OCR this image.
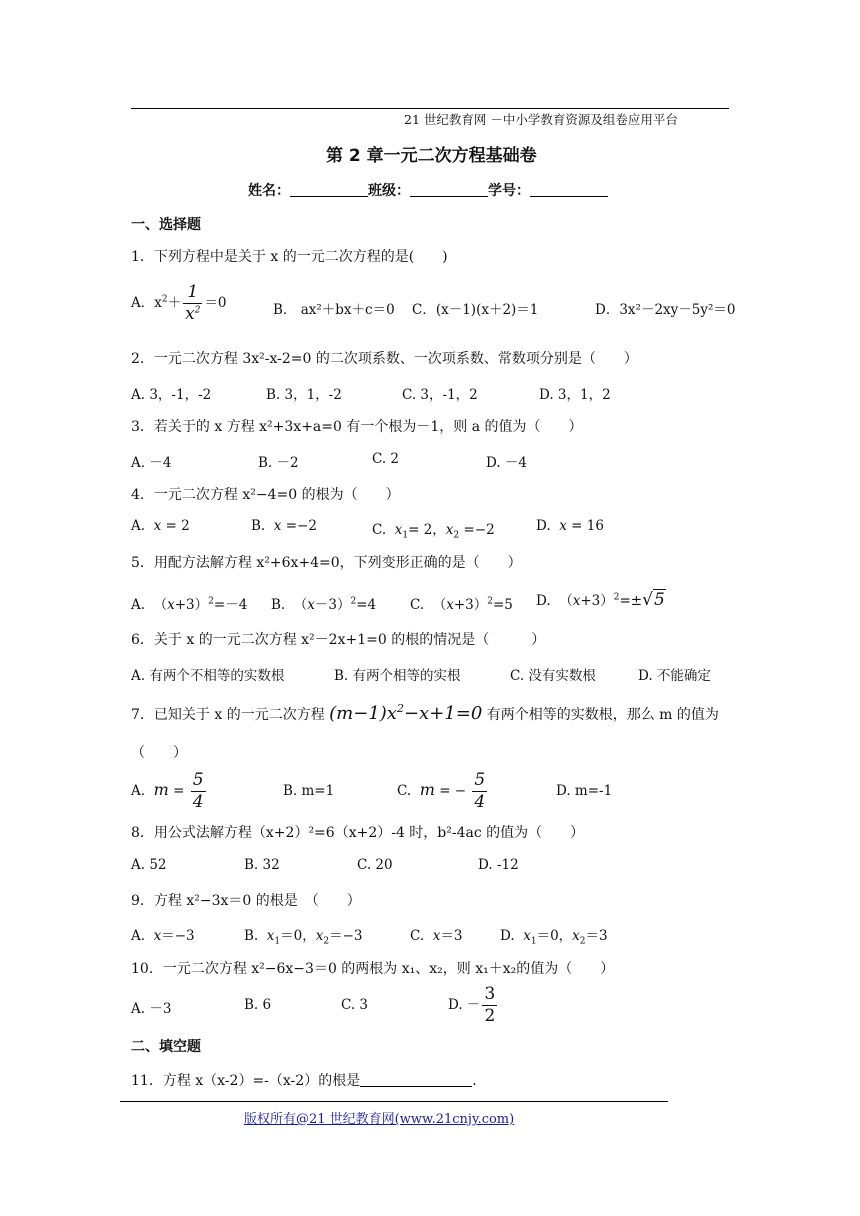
21 世纪教育网 －中小学教育资源及组卷应用平台
第 2 章一元二次方程基础卷
姓名：	班级：	学号：
一、选择题
1．下列方程中是关于 x 的一元二次方程的是(　　)
A．$x^2+ \frac{1}{x^2} =0$	B． ax²＋bx＋c＝0 C．(x－1)(x＋2)＝1	D．3x²－2xy－5y²＝0
2．一元二次方程 3x²-x-2=0 的二次项系数、一次项系数、常数项分别是（　　）
A. 3，-1，-2	B. 3，1，-2	C. 3，-1，2	D. 3，1，2
3．若关于的 x 方程 x²+3x+a=0 有一个根为－1，则 a 的值为（　　）
A. －4	B. －2	C. 2	D. －4
4．一元二次方程 x²−4=0 的根为（　　）
A.  x = 2	B.  x =−2	C.  $x_1= 2$，$x_2 =-2$	D.  x = 16
5．用配方法解方程 x²+6x+4=0，下列变形正确的是（　　）
A.  $(x+3)^2=-4$ B.  $(x-3)^2=4$	C.  $(x+3)^2=5$ D.  $(x+3)^2=\pm√5$
6．关于 x 的一元二次方程 x²－2x+1=0 的根的情况是（　　　）
A. 有两个不相等的实数根	B. 有两个相等的实根	C. 没有实数根	D. 不能确定
7．已知关于 x 的一元二次方程 $(m-1)x^2-x+1=0$ 有两个相等的实数根，那么 m 的值为
（　　）
A.  $m = \frac{5}{4}$	B. m=1	C.  m = − $\frac{5}{4}$	D. m=-1
8．用公式法解方程（x+2）²=6（x+2）-4 时，b²-4ac 的值为（　　）
A. 52	B. 32	C. 20	D. -12
9．方程 x²−3x＝0 的根是　（　　）
A.  x＝−3	B.  $x_1=0$，$x_2=-3$	C.  x＝3	D.  $x_1=0$，$x_2=3$
10．一元二次方程 x²−6x−3＝0 的两根为 x₁、x₂，则 x₁＋x₂的值为（　　）
A. －3	B. 6	C. 3	D. － $\frac{3}{2}$
二、填空题
11．方程 x（x-2）=-（x-2）的根是	.
版权所有@21 世纪教育网(www.21cnjy.com)
